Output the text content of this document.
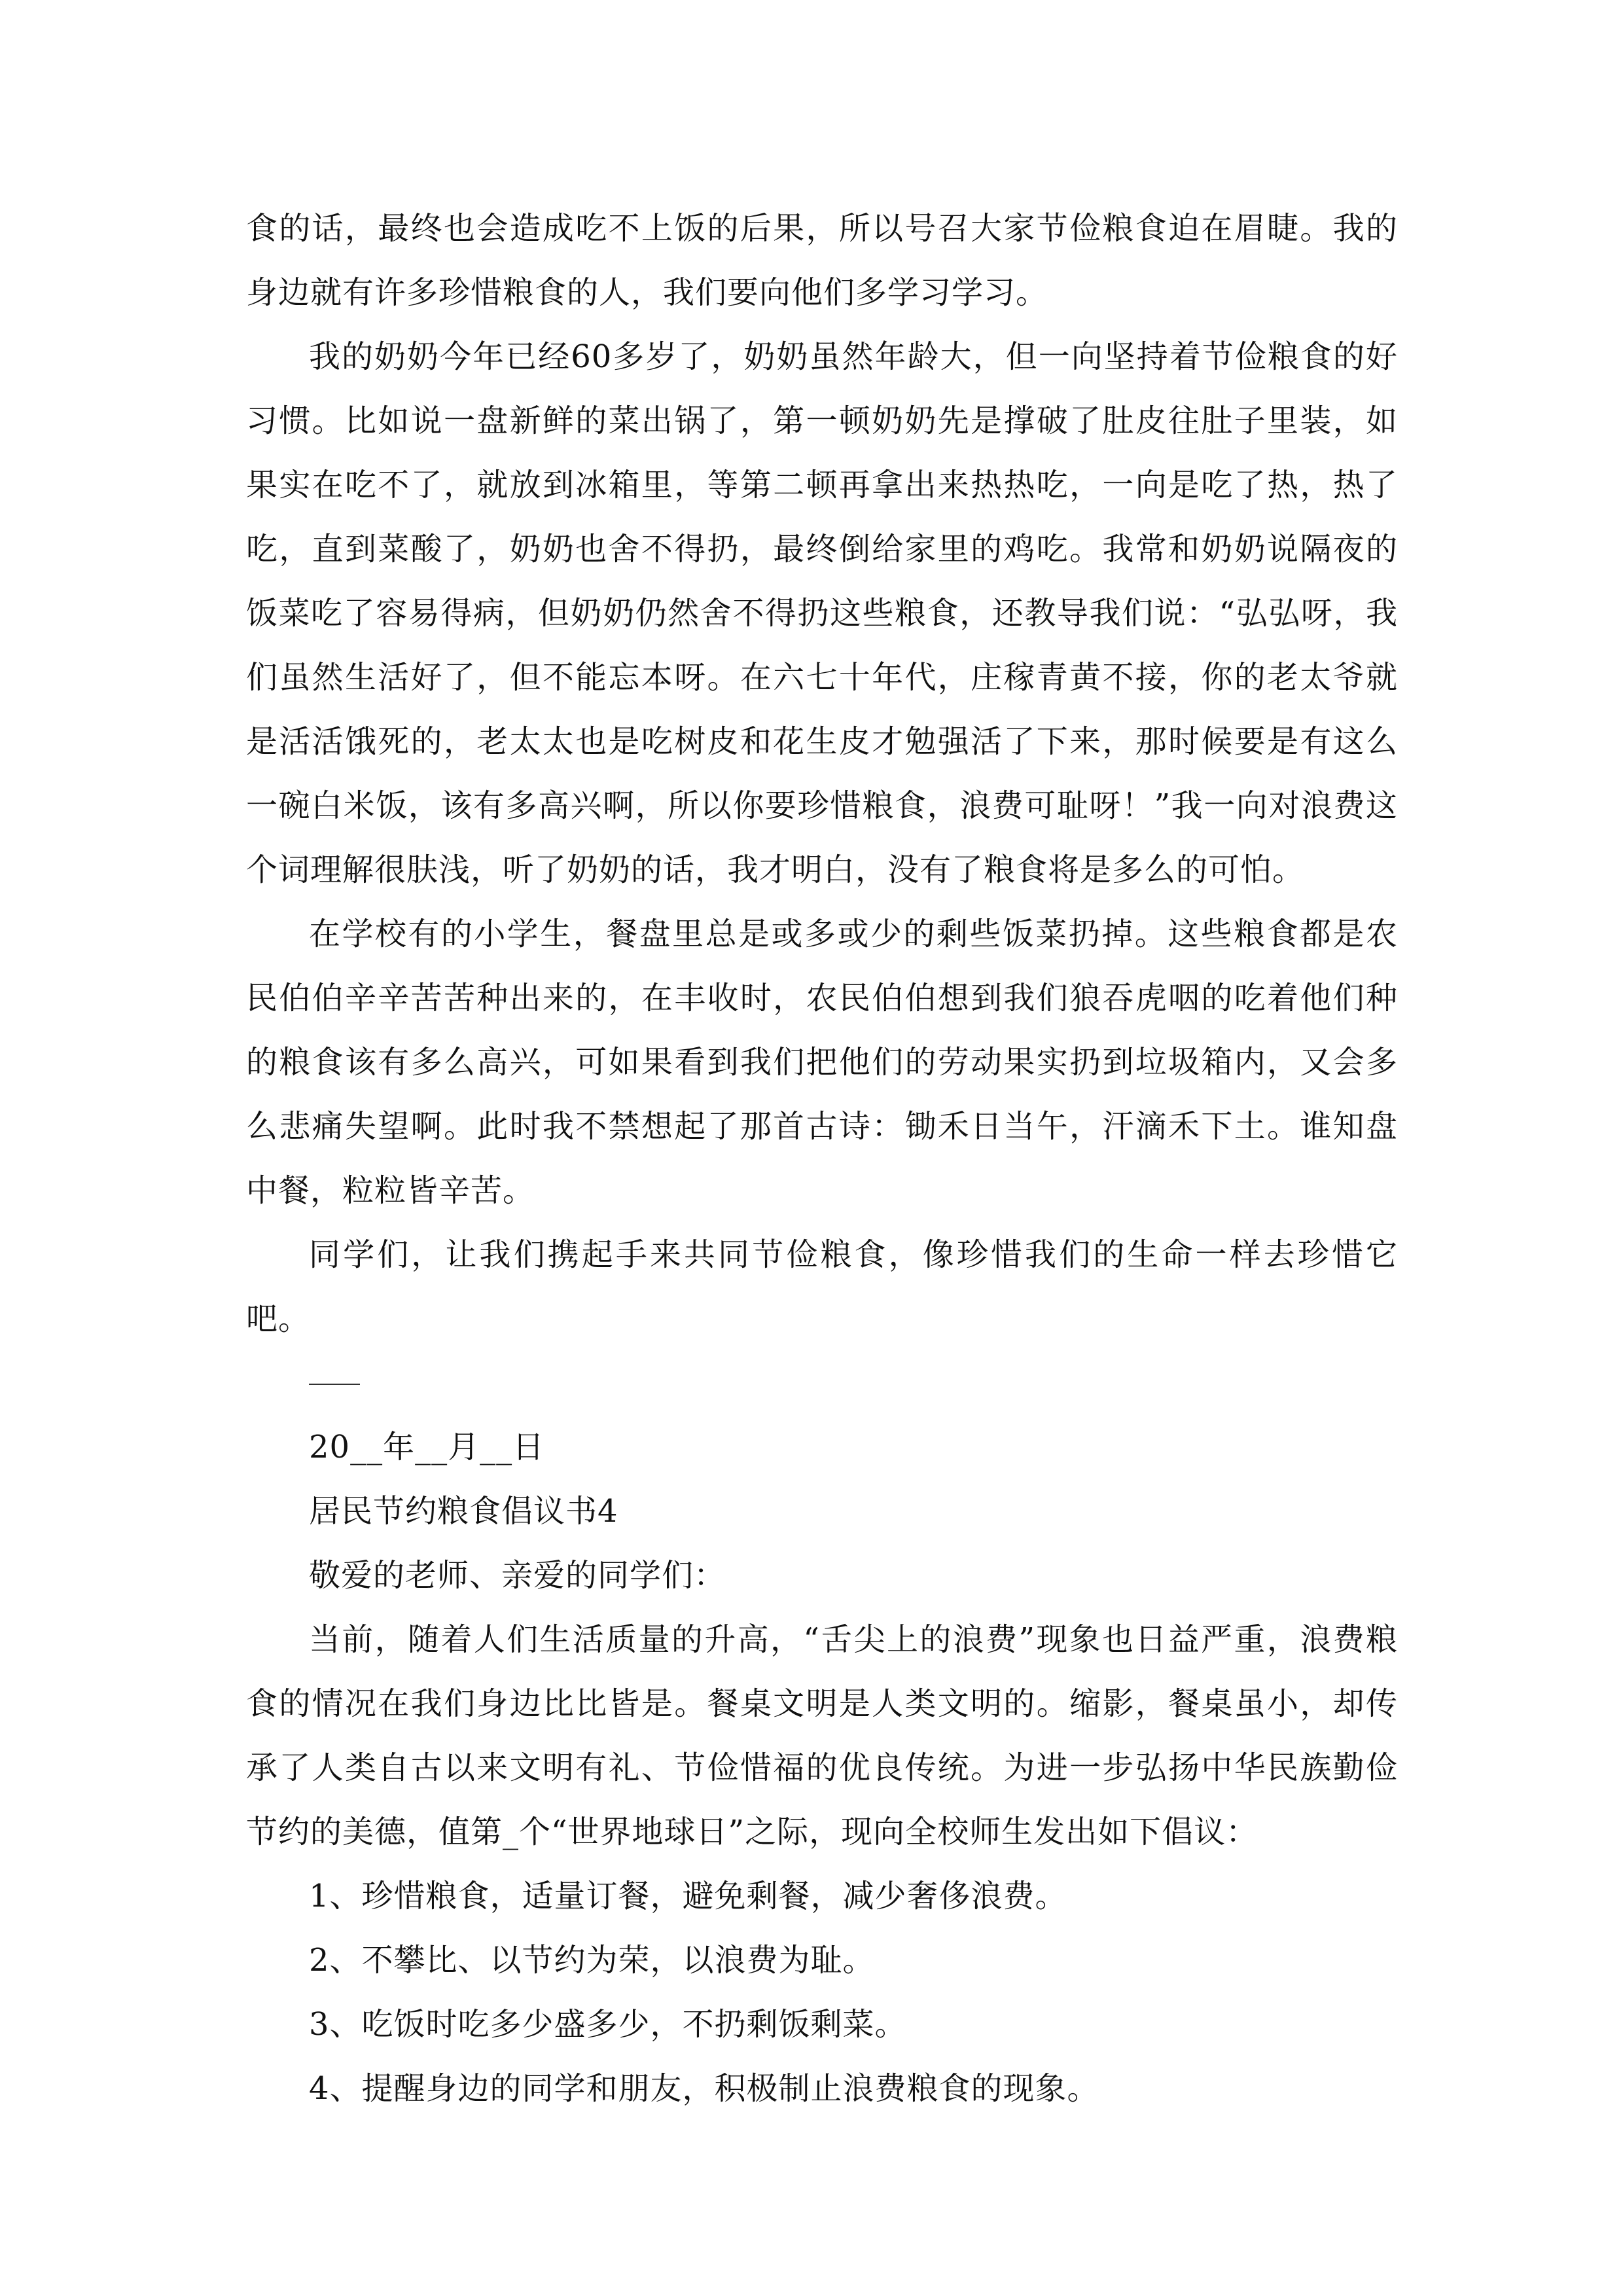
食的话，最终也会造成吃不上饭的后果，所以号召大家节俭粮食迫在眉睫。我的身边就有许多珍惜粮食的人，我们要向他们多学习学习。

我的奶奶今年已经60多岁了，奶奶虽然年龄大，但一向坚持着节俭粮食的好习惯。比如说一盘新鲜的菜出锅了，第一顿奶奶先是撑破了肚皮往肚子里装，如果实在吃不了，就放到冰箱里，等第二顿再拿出来热热吃，一向是吃了热，热了吃，直到菜酸了，奶奶也舍不得扔，最终倒给家里的鸡吃。我常和奶奶说隔夜的饭菜吃了容易得病，但奶奶仍然舍不得扔这些粮食，还教导我们说：“弘弘呀，我们虽然生活好了，但不能忘本呀。在六七十年代，庄稼青黄不接，你的老太爷就是活活饿死的，老太太也是吃树皮和花生皮才勉强活了下来，那时候要是有这么一碗白米饭，该有多高兴啊，所以你要珍惜粮食，浪费可耻呀！”我一向对浪费这个词理解很肤浅，听了奶奶的话，我才明白，没有了粮食将是多么的可怕。

在学校有的小学生，餐盘里总是或多或少的剩些饭菜扔掉。这些粮食都是农民伯伯辛辛苦苦种出来的，在丰收时，农民伯伯想到我们狼吞虎咽的吃着他们种的粮食该有多么高兴，可如果看到我们把他们的劳动果实扔到垃圾箱内，又会多么悲痛失望啊。此时我不禁想起了那首古诗：锄禾日当午，汗滴禾下土。谁知盘中餐，粒粒皆辛苦。

同学们，让我们携起手来共同节俭粮食，像珍惜我们的生命一样去珍惜它吧。

20__年__月__日
居民节约粮食倡议书4
敬爱的老师、亲爱的同学们：

当前，随着人们生活质量的升高，“舌尖上的浪费”现象也日益严重，浪费粮食的情况在我们身边比比皆是。餐桌文明是人类文明的。缩影，餐桌虽小，却传承了人类自古以来文明有礼、节俭惜福的优良传统。为进一步弘扬中华民族勤俭节约的美德，值第_个“世界地球日”之际，现向全校师生发出如下倡议：

1、珍惜粮食，适量订餐，避免剩餐，减少奢侈浪费。
2、不攀比、以节约为荣，以浪费为耻。
3、吃饭时吃多少盛多少，不扔剩饭剩菜。
4、提醒身边的同学和朋友，积极制止浪费粮食的现象。
